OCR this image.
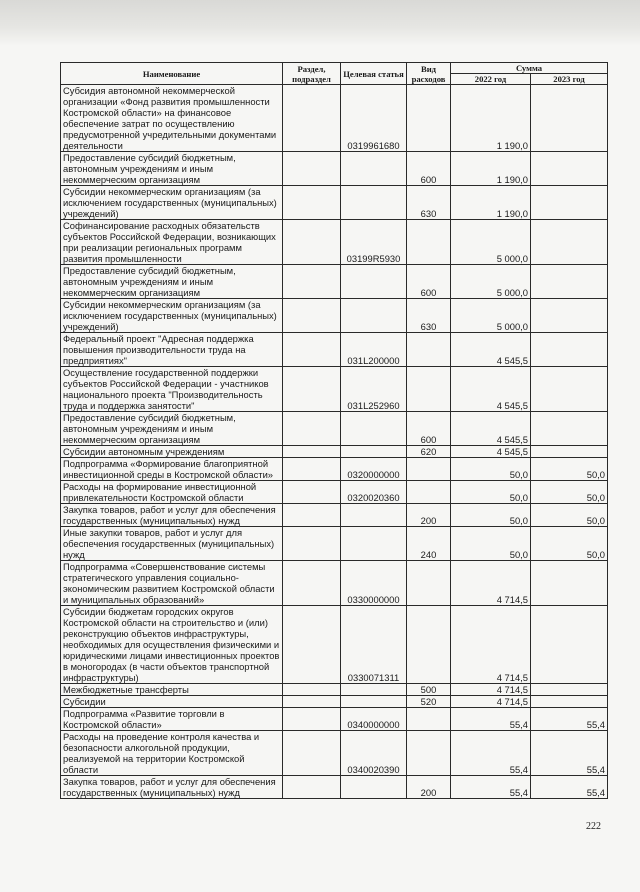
Наименование	Раздел, подраздел	Целевая статья	Вид расходов	Сумма	
				2022 год	2023 год
Субсидия автономной некоммерческой организации «Фонд развития промышленности Костромской области» на финансовое обеспечение затрат по осуществлению предусмотренной учредительными документами деятельности		0319961680		1 190,0	
Предоставление субсидий бюджетным, автономным учреждениям и иным некоммерческим организациям			600	1 190,0	
Субсидии некоммерческим организациям (за исключением государственных (муниципальных) учреждений)			630	1 190,0	
Софинансирование расходных обязательств субъектов Российской Федерации, возникающих при реализации региональных программ развития промышленности		03199R5930		5 000,0	
Предоставление субсидий бюджетным, автономным учреждениям и иным некоммерческим организациям			600	5 000,0	
Субсидии некоммерческим организациям (за исключением государственных (муниципальных) учреждений)			630	5 000,0	
Федеральный проект "Адресная поддержка повышения производительности труда на предприятиях"		031L200000		4 545,5	
Осуществление государственной поддержки субъектов Российской Федерации - участников национального проекта "Производительность труда и поддержка занятости"		031L252960		4 545,5	
Предоставление субсидий бюджетным, автономным учреждениям и иным некоммерческим организациям			600	4 545,5	
Субсидии автономным учреждениям			620	4 545,5	
Подпрограмма «Формирование благоприятной инвестиционной среды в Костромской области»		0320000000		50,0	50,0
Расходы на формирование инвестиционной привлекательности Костромской области		0320020360		50,0	50,0
Закупка товаров, работ и услуг для обеспечения государственных (муниципальных) нужд			200	50,0	50,0
Иные закупки товаров, работ и услуг для обеспечения государственных (муниципальных) нужд			240	50,0	50,0
Подпрограмма «Совершенствование системы стратегического управления социально-экономическим развитием Костромской области и муниципальных образований»		0330000000		4 714,5	
Субсидии бюджетам городских округов Костромской области на строительство и (или) реконструкцию объектов инфраструктуры, необходимых для осуществления физическими и юридическими лицами инвестиционных проектов в моногородах (в части объектов транспортной инфраструктуры)		0330071311		4 714,5	
Межбюджетные трансферты			500	4 714,5	
Субсидии			520	4 714,5	
Подпрограмма «Развитие торговли в Костромской области»		0340000000		55,4	55,4
Расходы на проведение контроля качества и безопасности алкогольной продукции, реализуемой на территории Костромской области		0340020390		55,4	55,4
Закупка товаров, работ и услуг для обеспечения государственных (муниципальных) нужд			200	55,4	55,4
222
